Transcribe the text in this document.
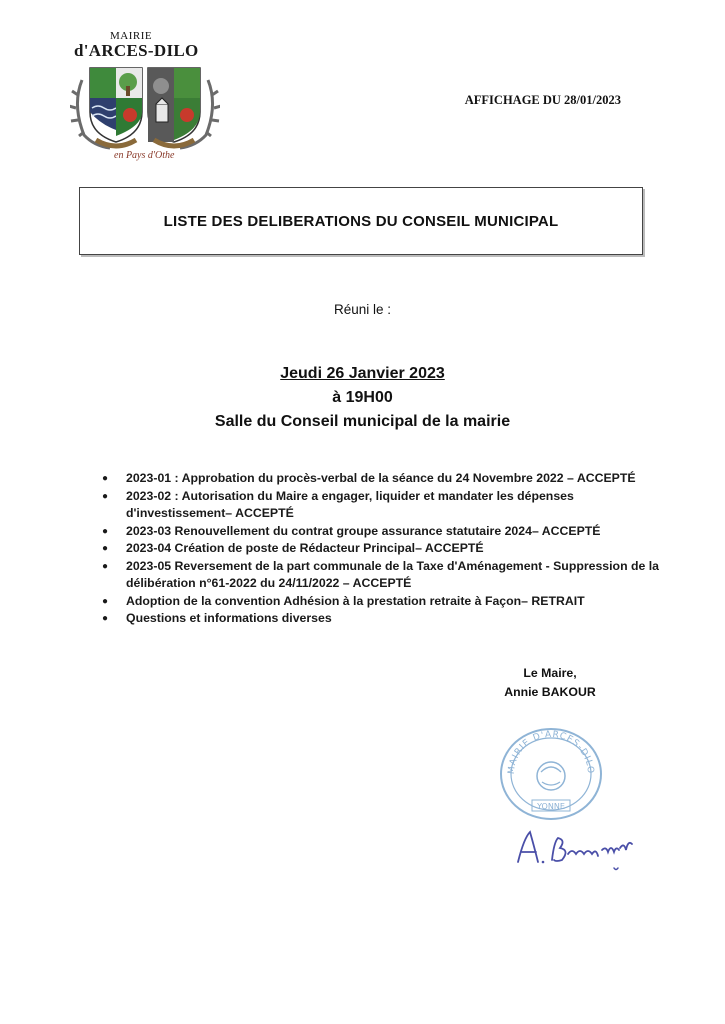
MAIRIE
d'ARCES-DILO
en Pays d'Othe
AFFICHAGE DU 28/01/2023
LISTE DES DELIBERATIONS DU CONSEIL MUNICIPAL
Réuni le :
Jeudi 26 Janvier 2023
à 19H00
Salle du Conseil municipal de la mairie
● 2023-01 : Approbation du procès-verbal de la séance du 24 Novembre 2022 – ACCEPTÉ
● 2023-02 : Autorisation du Maire a engager, liquider et mandater les dépenses d'investissement– ACCEPTÉ
● 2023-03 Renouvellement du contrat groupe assurance statutaire 2024– ACCEPTÉ
● 2023-04 Création de poste de Rédacteur Principal– ACCEPTÉ
● 2023-05 Reversement de la part communale de la Taxe d'Aménagement - Suppression de la délibération n°61-2022 du 24/11/2022 – ACCEPTÉ
● Adoption de la convention Adhésion à la prestation retraite à Façon– RETRAIT
● Questions et informations diverses
Le Maire,
Annie BAKOUR
MAIRIE D'ARCES-DILO
YONNE
